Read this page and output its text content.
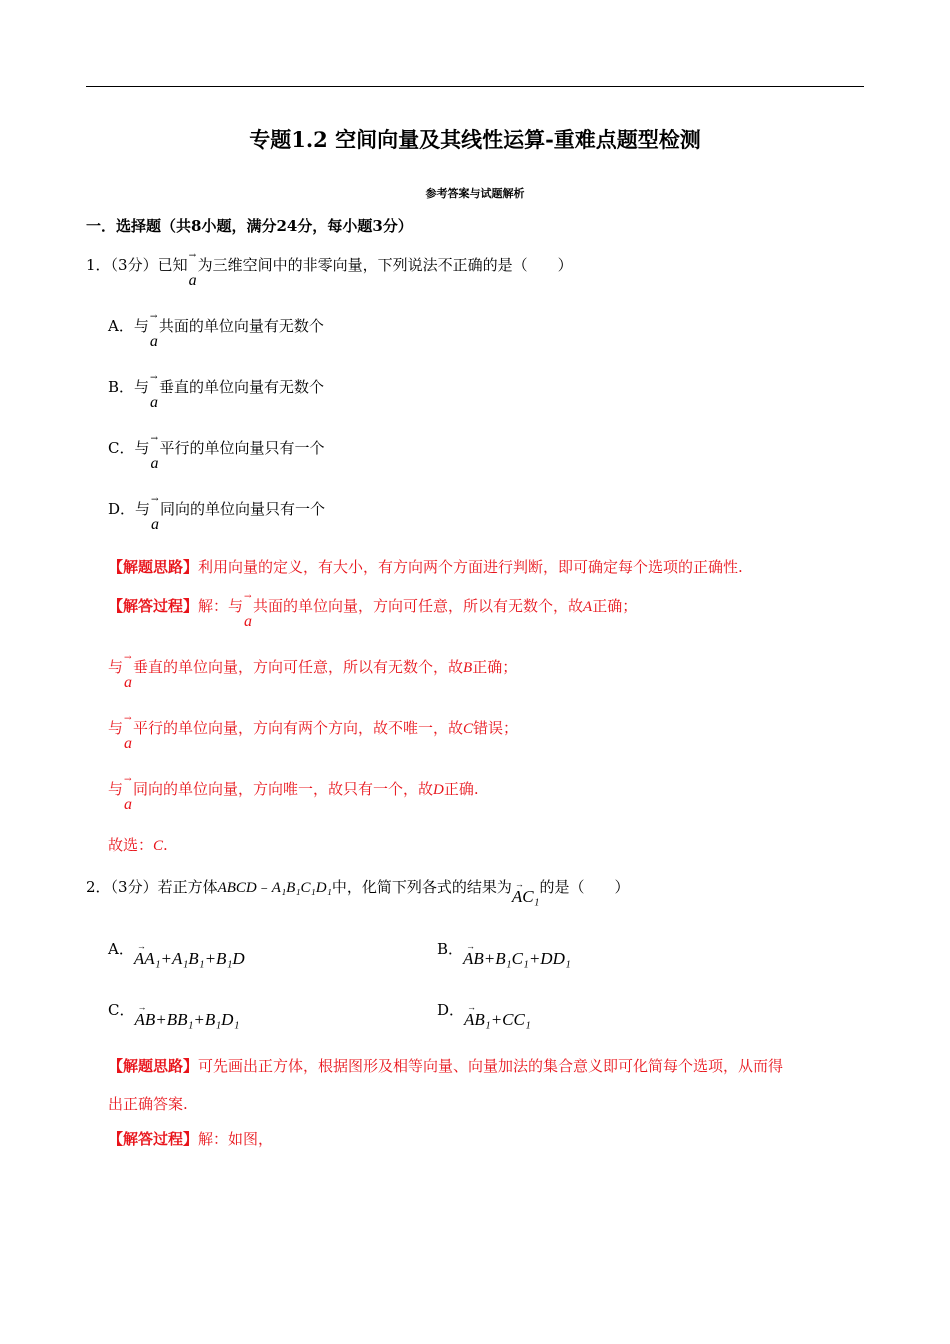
专题1.2 空间向量及其线性运算-重难点题型检测
参考答案与试题解析
一．选择题（共8小题，满分24分，每小题3分）
1．（3分）已知 →
a为三维空间中的非零向量，下列说法不正确的是（　　）
A．与 →
a共面的单位向量有无数个
B．与 →
a垂直的单位向量有无数个
C．与 →
a平行的单位向量只有一个
D．与 →
a同向的单位向量只有一个
【解题思路】利用向量的定义，有大小，有方向两个方面进行判断，即可确定每个选项的正确性.
【解答过程】解：与 →
a共面的单位向量，方向可任意，所以有无数个，故A正确；
与 →
a垂直的单位向量，方向可任意，所以有无数个，故B正确；
与 →
a平行的单位向量，方向有两个方向，故不唯一，故C错误；
与 →
a同向的单位向量，方向唯一，故只有一个，故D正确.
故选：C.
2．（3分）若正方体ABCD﹣A₁B₁C₁D₁中，化简下列各式的结果为 →
AC₁的是（　　）
A． →
AA₁+A₁B₁+B₁D	B． →
AB+B₁C₁+DD₁
C． →
AB+BB₁+B₁D₁	D． →
AB₁+CC₁
【解题思路】可先画出正方体，根据图形及相等向量、向量加法的集合意义即可化简每个选项，从而得
出正确答案.
【解答过程】解：如图，
